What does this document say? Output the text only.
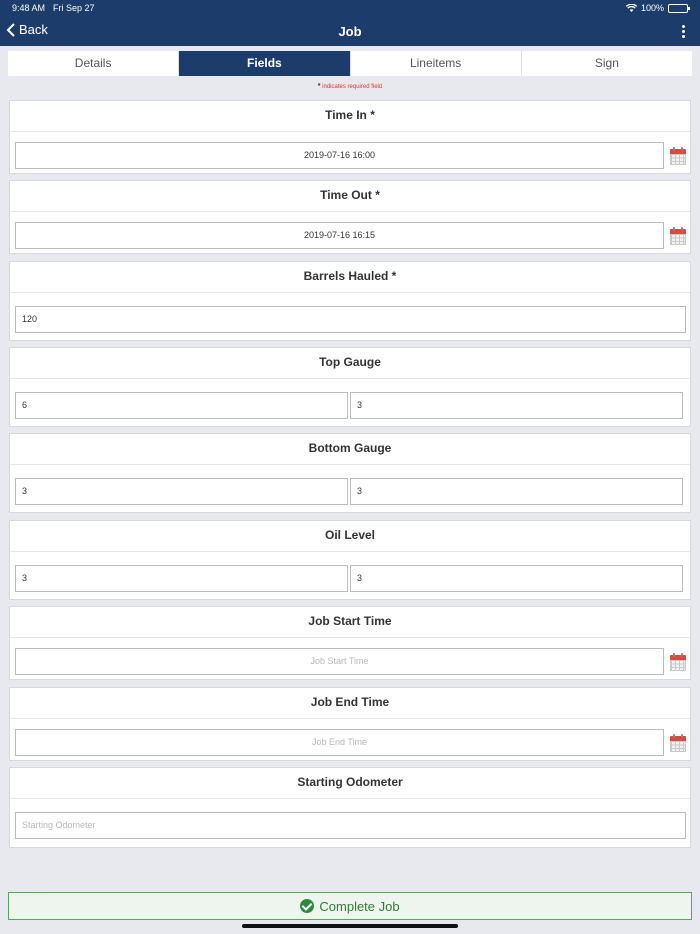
9:48 AM Fri Sep 27	100%
Back	Job
Details	Fields	Lineitems	Sign
* indicates required field
Time In *
2019-07-16 16:00
Time Out *
2019-07-16 16:15
Barrels Hauled *
120
Top Gauge
6	3
Bottom Gauge
3	3
Oil Level
3	3
Job Start Time
Job Start Time
Job End Time
Job End Time
Starting Odometer
Starting Odometer
Complete Job
